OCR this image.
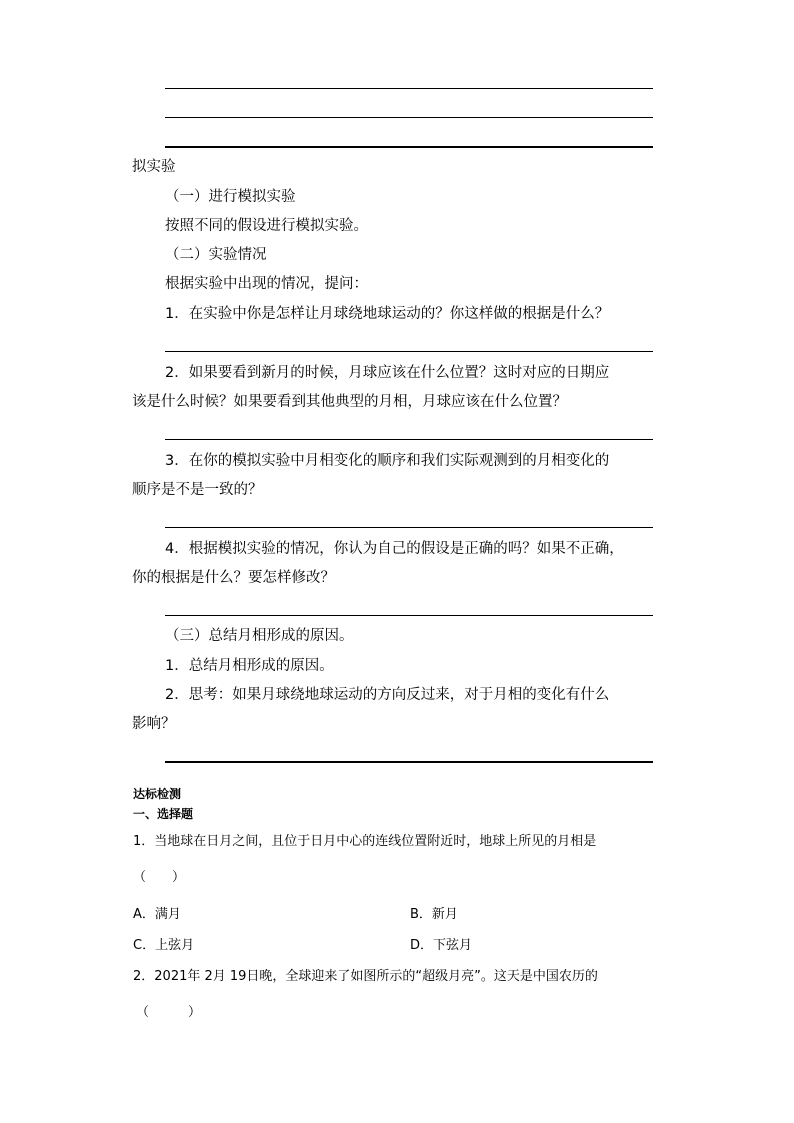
拟实验
（一）进行模拟实验
按照不同的假设进行模拟实验。
（二）实验情况
根据实验中出现的情况，提问：
1．在实验中你是怎样让月球绕地球运动的？你这样做的根据是什么？
2．如果要看到新月的时候，月球应该在什么位置？这时对应的日期应
该是什么时候？如果要看到其他典型的月相，月球应该在什么位置？
3．在你的模拟实验中月相变化的顺序和我们实际观测到的月相变化的
顺序是不是一致的？
4．根据模拟实验的情况，你认为自己的假设是正确的吗？如果不正确，
你的根据是什么？要怎样修改？
（三）总结月相形成的原因。
1．总结月相形成的原因。
2．思考：如果月球绕地球运动的方向反过来，对于月相的变化有什么
影响？
达标检测
一、选择题
1．当地球在日月之间，且位于日月中心的连线位置附近时，地球上所见的月相是
（　　）
A．满月	B．新月
C．上弦月	D．下弦月
2．2021年 2月 19日晚，全球迎来了如图所示的“超级月亮”。这天是中国农历的
（　　　）
